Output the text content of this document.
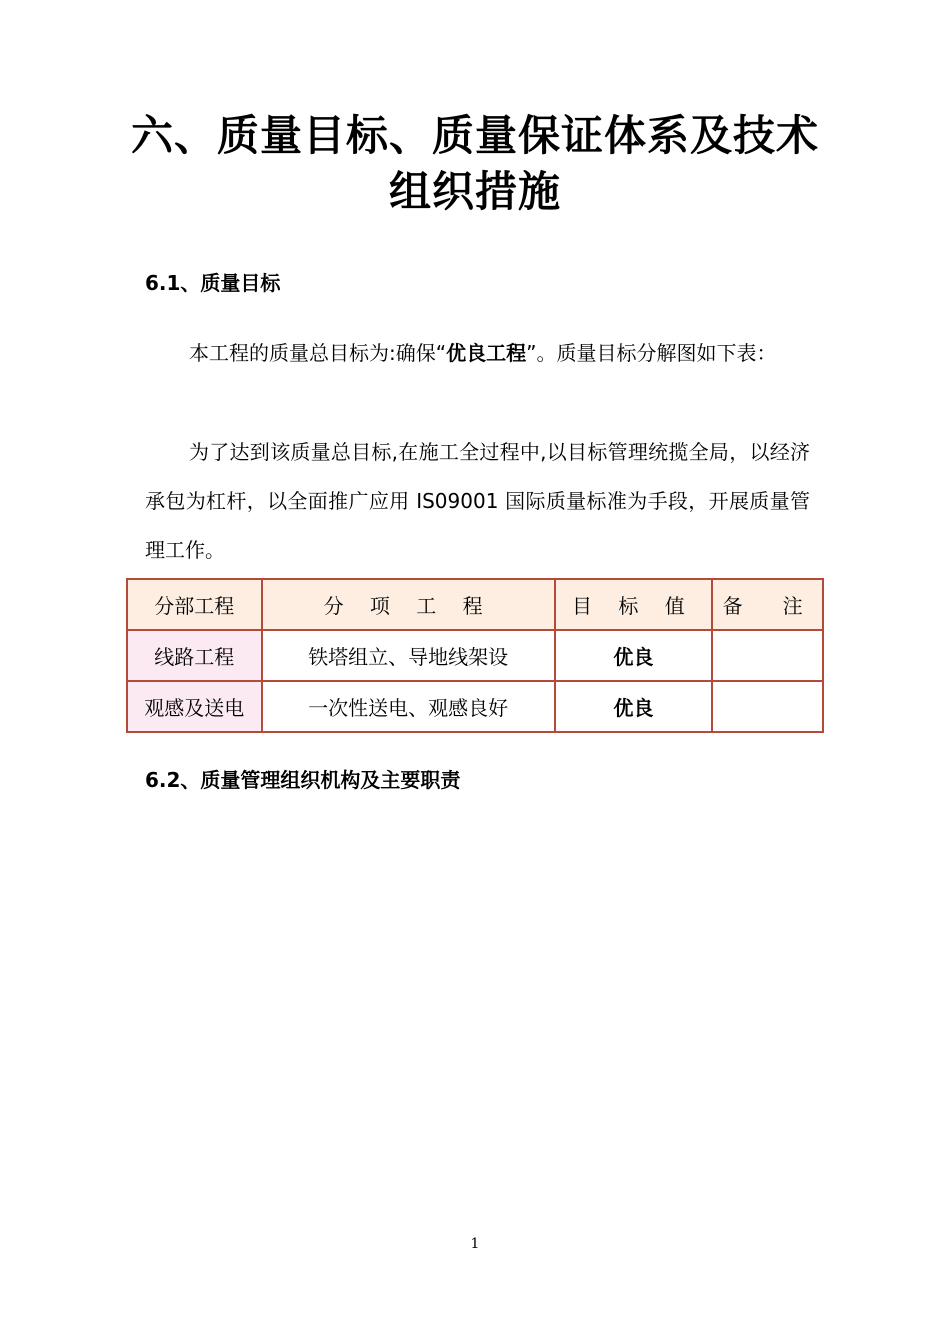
六、质量目标、质量保证体系及技术组织措施
6.1、质量目标
本工程的质量总目标为:确保“优良工程”。质量目标分解图如下表：
为了达到该质量总目标,在施工全过程中,以目标管理统揽全局，以经济承包为杠杆，以全面推广应用 IS09001 国际质量标准为手段，开展质量管理工作。
分部工程	分 项 工 程	目 标 值	备　注
线路工程	铁塔组立、导地线架设	优良	
观感及送电	一次性送电、观感良好	优良	
6.2、质量管理组织机构及主要职责
1
